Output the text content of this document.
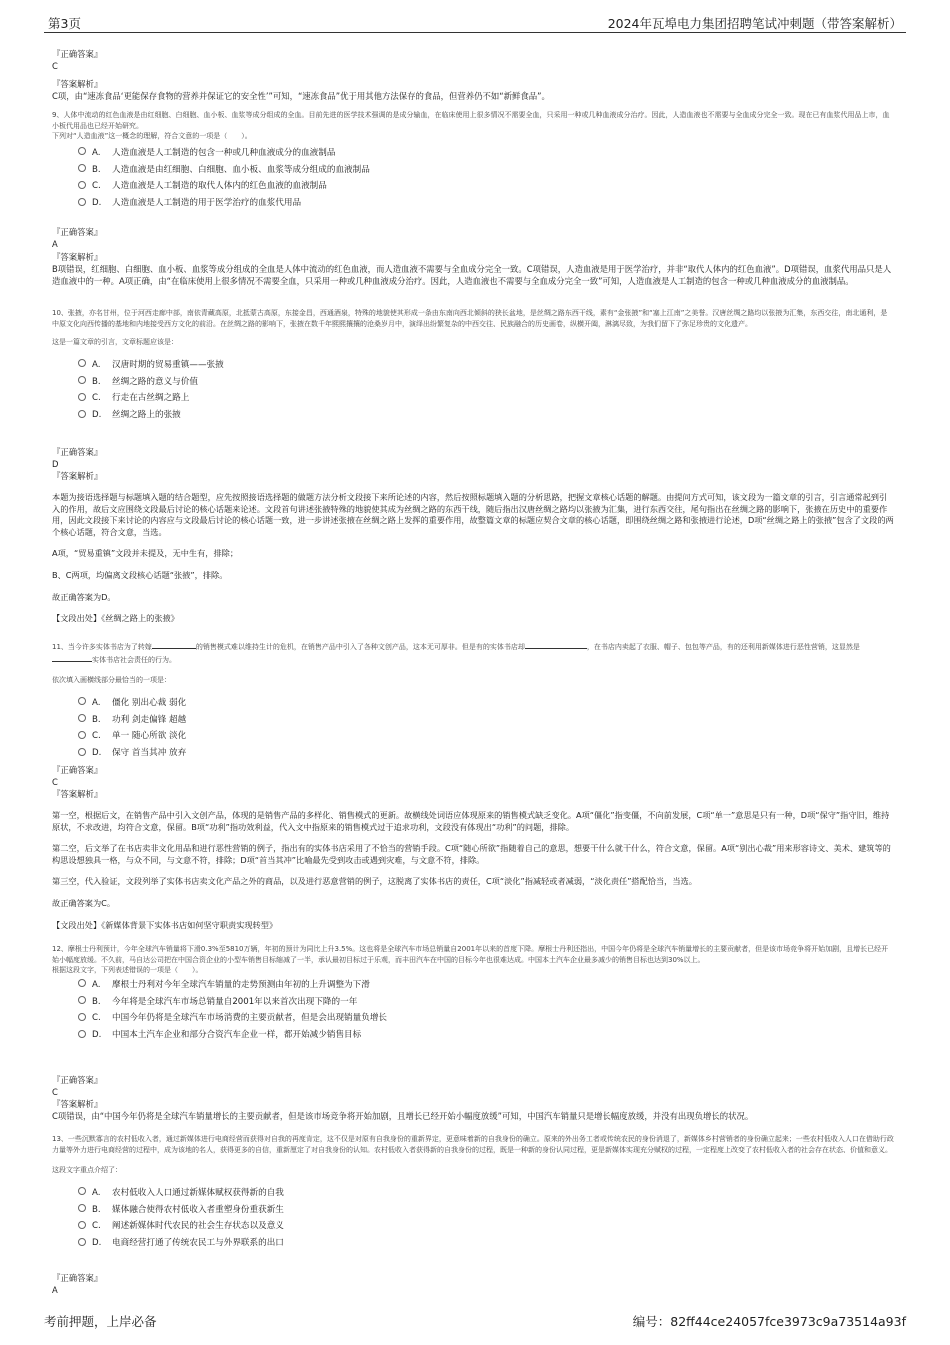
第3页	2024年瓦埠电力集团招聘笔试冲刺题（带答案解析）

『正确答案』

C

『答案解析』

C项，由“速冻食品‘更能保存食物的营养并保证它的安全性’”可知，“速冻食品”优于用其他方法保存的食品，但营养仍不如“新鲜食品”。

9、人体中流动的红色血液是由红细胞、白细胞、血小板、血浆等成分组成的全血。目前先进的医学技术强调的是成分输血，在临床使用上很多情况不需要全血，只采用一种或几种血液成分治疗。因此，人造血液也不需要与全血成分完全一致。现在已有血浆代用品上市，血小板代用品也已经开始研究。

下列对“人造血液”这一概念的理解，符合文意的一项是（　　）。

A. 人造血液是人工制造的包含一种或几种血液成分的血液制品
B. 人造血液是由红细胞、白细胞、血小板、血浆等成分组成的血液制品
C. 人造血液是人工制造的取代人体内的红色血液的血液制品
D. 人造血液是人工制造的用于医学治疗的血浆代用品

『正确答案』

A

『答案解析』

B项错误，红细胞、白细胞、血小板、血浆等成分组成的全血是人体中流动的红色血液，而人造血液不需要与全血成分完全一致。C项错误，人造血液是用于医学治疗，并非“取代人体内的红色血液”。D项错误，血浆代用品只是人造血液中的一种。A项正确，由“在临床使用上很多情况不需要全血，只采用一种或几种血液成分治疗。因此，人造血液也不需要与全血成分完全一致”可知，人造血液是人工制造的包含一种或几种血液成分的血液制品。

10、张掖，亦名甘州，位于河西走廊中部，南依青藏高原，北抵蒙古高原，东接金昌，西通酒泉，特殊的地貌使其形成一条由东南向西北倾斜的狭长盆地，是丝绸之路东西干线，素有“金张掖”和“塞上江南”之美誉。汉唐丝绸之路均以张掖为汇集，东西交往，南北通利，是中原文化向西传播的基地和内地接受西方文化的前沿。在丝绸之路的影响下，张掖在数千年熙熙攘攘的沧桑岁月中，演绎出纷繁复杂的中西交往、民族融合的历史画卷，纵横开阖，淋漓尽致，为我们留下了弥足珍贵的文化遗产。

这是一篇文章的引言，文章标题应该是：

A. 汉唐时期的贸易重镇——张掖
B. 丝绸之路的意义与价值
C. 行走在古丝绸之路上
D. 丝绸之路上的张掖

『正确答案』

D

『答案解析』

本题为接语选择题与标题填入题的结合题型，应先按照接语选择题的做题方法分析文段接下来所论述的内容，然后按照标题填入题的分析思路，把握文章核心话题的解题。由提问方式可知，该文段为一篇文章的引言，引言通常起到引入的作用，故后文应围绕文段最后讨论的核心话题来论述。文段首句讲述张掖特殊的地貌使其成为丝绸之路的东西干线，随后指出汉唐丝绸之路均以张掖为汇集，进行东西交往，尾句指出在丝绸之路的影响下，张掖在历史中的重要作用，因此文段接下来讨论的内容应与文段最后讨论的核心话题一致，进一步讲述张掖在丝绸之路上发挥的重要作用，故整篇文章的标题应契合文章的核心话题，即围绕丝绸之路和张掖进行论述，D项“丝绸之路上的张掖”包含了文段的两个核心话题，符合文意，当选。

A项，“贸易重镇”文段并未提及，无中生有，排除；

B、C两项，均偏离文段核心话题“张掖”，排除。

故正确答案为D。

【文段出处】《丝绸之路上的张掖》

11、当今许多实体书店为了转嫁	的销售模式难以维持生计的危机，在销售产品中引入了各种文创产品，这本无可厚非。但是有的实体书店却	，在书店内卖起了衣服、帽子、包包等产品，有的还利用新媒体进行恶性营销，这显然是实体书店社会责任的行为。

依次填入画横线部分最恰当的一项是：

A. 僵化 别出心裁 弱化
B. 功利 剑走偏锋 超越
C. 单一 随心所欲 淡化
D. 保守 首当其冲 放弃

『正确答案』

C

『答案解析』

第一空，根据后文，在销售产品中引入文创产品，体现的是销售产品的多样化、销售模式的更新。故横线处词语应体现原来的销售模式缺乏变化。A项“僵化”指变僵，不向前发展，C项“单一”意思是只有一种，D项“保守”指守旧，维持原状，不求改进，均符合文意，保留。B项“功利”指功效利益，代入文中指原来的销售模式过于追求功利，文段没有体现出“功利”的问题，排除。

第二空，后文举了在书店卖非文化用品和进行恶性营销的例子，指出有的实体书店采用了不恰当的营销手段。C项“随心所欲”指随着自己的意思，想要干什么就干什么，符合文意，保留。A项“别出心裁”用来形容诗文、美术、建筑等的构思设想独具一格，与众不同，与文意不符，排除；D项“首当其冲”比喻最先受到攻击或遇到灾难，与文意不符，排除。

第三空，代入验证，文段列举了实体书店卖文化产品之外的商品，以及进行恶意营销的例子，这脱离了实体书店的责任，C项“淡化”指减轻或者减弱，“淡化责任”搭配恰当，当选。

故正确答案为C。

【文段出处】《新媒体背景下实体书店如何坚守职责实现转型》

12、摩根士丹利预计，今年全球汽车销量将下滑0.3%至5810万辆，年初的预计为同比上升3.5%。这也将是全球汽车市场总销量自2001年以来的首度下降。摩根士丹利还指出，中国今年仍将是全球汽车销量增长的主要贡献者，但是该市场竞争将开始加剧，且增长已经开始小幅度放缓。不久前，马自达公司把在中国合资企业的小型车销售目标缩减了一半，承认最初目标过于乐观，而丰田汽车在中国的目标今年也很难达成。中国本土汽车企业最多减少的销售目标也达到30%以上。

根据这段文字，下列表述错误的一项是（　　）。

A. 摩根士丹利对今年全球汽车销量的走势预测由年初的上升调整为下滑
B. 今年将是全球汽车市场总销量自2001年以来首次出现下降的一年
C. 中国今年仍将是全球汽车市场消费的主要贡献者，但是会出现销量负增长
D. 中国本土汽车企业和部分合资汽车企业一样，都开始减少销售目标

『正确答案』

C

『答案解析』

C项错误，由“中国今年仍将是全球汽车销量增长的主要贡献者，但是该市场竞争将开始加剧，且增长已经开始小幅度放缓”可知，中国汽车销量只是增长幅度放缓，并没有出现负增长的状况。

13、一些沉默寡言的农村低收入者，通过新媒体进行电商经营而获得对自我的再度肯定，这不仅是对原有自我身份的重新界定，更意味着新的自我身份的确立。原来的外出务工者或传统农民的身份消退了，新媒体乡村营销者的身份确立起来；一些农村低收入人口在借助行政力量等外力进行电商经营的过程中，成为该地的名人，获得更多的自信，重新厘定了对自我身份的认知。农村低收入者获得新的自我身份的过程，既是一种新的身份认同过程，更是新媒体实现充分赋权的过程，一定程度上改变了农村低收入者的社会存在状态、价值和意义。

这段文字重点介绍了：

A. 农村低收入人口通过新媒体赋权获得新的自我
B. 媒体融合使得农村低收入者重塑身份重获新生
C. 阐述新媒体时代农民的社会生存状态以及意义
D. 电商经营打通了传统农民工与外界联系的出口

『正确答案』

A

考前押题，上岸必备	编号：82ff44ce24057fce3973c9a73514a93f
